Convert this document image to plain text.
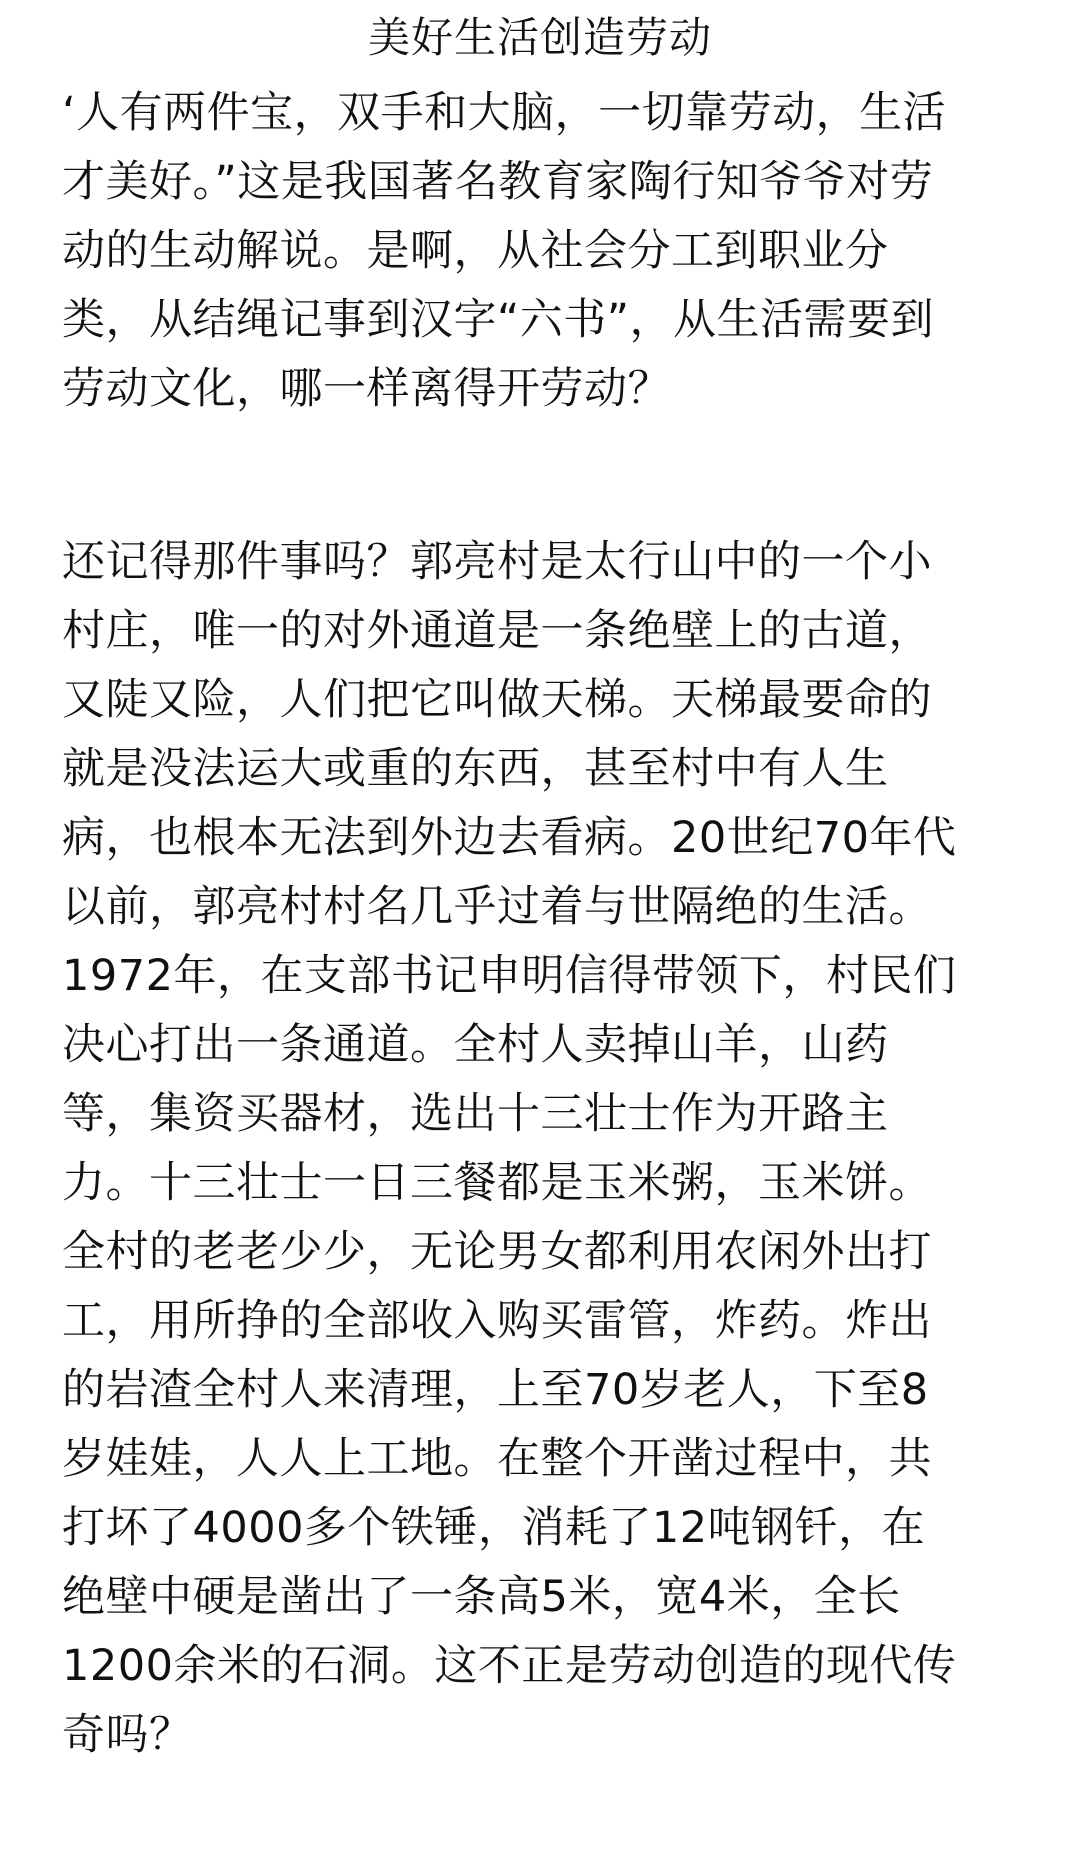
美好生活创造劳动
‘人有两件宝，双手和大脑，一切靠劳动，生活
才美好。”这是我国著名教育家陶行知爷爷对劳
动的生动解说。是啊，从社会分工到职业分
类，从结绳记事到汉字“六书”，从生活需要到
劳动文化，哪一样离得开劳动？
还记得那件事吗？郭亮村是太行山中的一个小
村庄，唯一的对外通道是一条绝壁上的古道，
又陡又险，人们把它叫做天梯。天梯最要命的
就是没法运大或重的东西，甚至村中有人生
病，也根本无法到外边去看病。20世纪70年代
以前，郭亮村村名几乎过着与世隔绝的生活。
1972年，在支部书记申明信得带领下，村民们
决心打出一条通道。全村人卖掉山羊，山药
等，集资买器材，选出十三壮士作为开路主
力。十三壮士一日三餐都是玉米粥，玉米饼。
全村的老老少少，无论男女都利用农闲外出打
工，用所挣的全部收入购买雷管，炸药。炸出
的岩渣全村人来清理，上至70岁老人，下至8
岁娃娃，人人上工地。在整个开凿过程中，共
打坏了4000多个铁锤，消耗了12吨钢钎，在
绝壁中硬是凿出了一条高5米，宽4米，全长
1200余米的石洞。这不正是劳动创造的现代传
奇吗？
